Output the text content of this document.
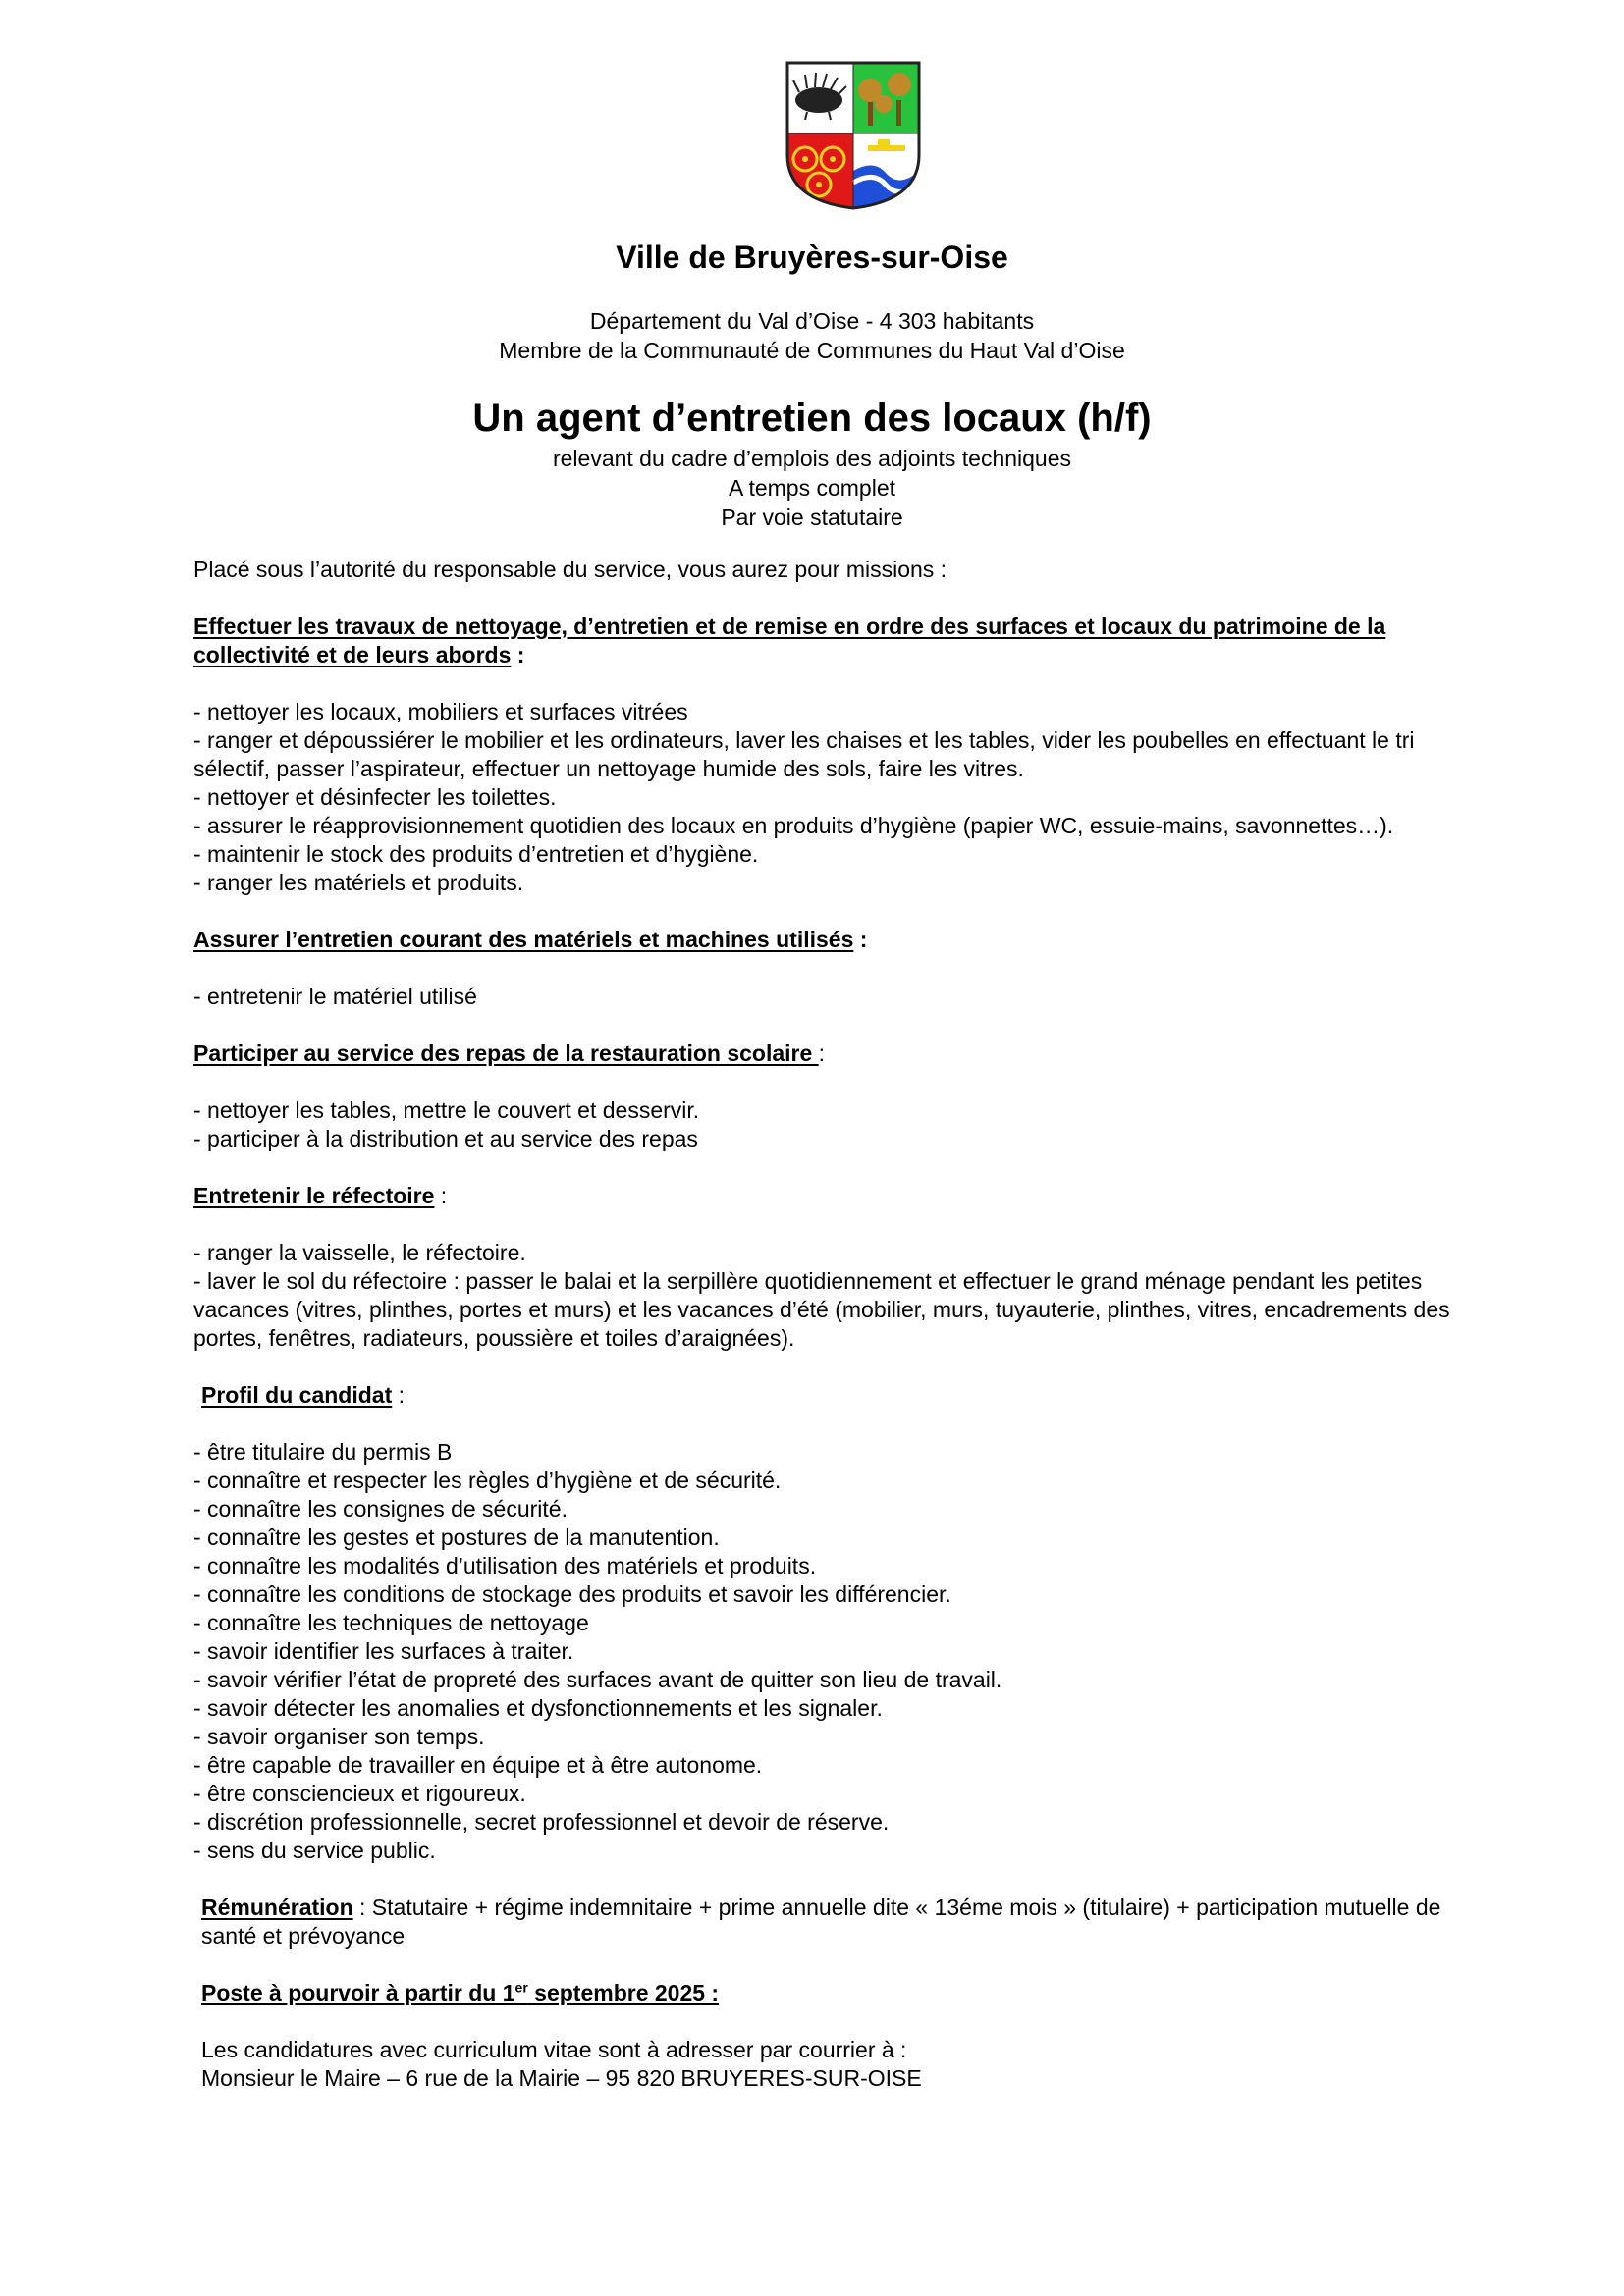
Ville de Bruyères-sur-Oise
Département du Val d’Oise - 4 303 habitants
Membre de la Communauté de Communes du Haut Val d’Oise
Un agent d’entretien des locaux (h/f)
relevant du cadre d’emplois des adjoints techniques
A temps complet
Par voie statutaire

Placé sous l’autorité du responsable du service, vous aurez pour missions :

Effectuer les travaux de nettoyage, d’entretien et de remise en ordre des surfaces et locaux du patrimoine de la collectivité et de leurs abords :

- nettoyer les locaux, mobiliers et surfaces vitrées

- ranger et dépoussiérer le mobilier et les ordinateurs, laver les chaises et les tables, vider les poubelles en effectuant le tri sélectif, passer l’aspirateur, effectuer un nettoyage humide des sols, faire les vitres.

- nettoyer et désinfecter les toilettes.

- assurer le réapprovisionnement quotidien des locaux en produits d’hygiène (papier WC, essuie-mains, savonnettes…).

- maintenir le stock des produits d’entretien et d’hygiène.

- ranger les matériels et produits.

Assurer l’entretien courant des matériels et machines utilisés :

- entretenir le matériel utilisé

Participer au service des repas de la restauration scolaire :

- nettoyer les tables, mettre le couvert et desservir.

- participer à la distribution et au service des repas

Entretenir le réfectoire :

- ranger la vaisselle, le réfectoire.

- laver le sol du réfectoire : passer le balai et la serpillère quotidiennement et effectuer le grand ménage pendant les petites vacances (vitres, plinthes, portes et murs) et les vacances d’été (mobilier, murs, tuyauterie, plinthes, vitres, encadrements des portes, fenêtres, radiateurs, poussière et toiles d’araignées).

Profil du candidat :

- être titulaire du permis B

- connaître et respecter les règles d’hygiène et de sécurité.

- connaître les consignes de sécurité.

- connaître les gestes et postures de la manutention.

- connaître les modalités d’utilisation des matériels et produits.

- connaître les conditions de stockage des produits et savoir les différencier.

- connaître les techniques de nettoyage

- savoir identifier les surfaces à traiter.

- savoir vérifier l’état de propreté des surfaces avant de quitter son lieu de travail.

- savoir détecter les anomalies et dysfonctionnements et les signaler.

- savoir organiser son temps.

- être capable de travailler en équipe et à être autonome.

- être consciencieux et rigoureux.

- discrétion professionnelle, secret professionnel et devoir de réserve.

- sens du service public.

Rémunération : Statutaire + régime indemnitaire + prime annuelle dite « 13éme mois » (titulaire) + participation mutuelle de santé et prévoyance

Poste à pourvoir à partir du 1er septembre 2025 :

Les candidatures avec curriculum vitae sont à adresser par courrier à :

Monsieur le Maire – 6 rue de la Mairie – 95 820 BRUYERES-SUR-OISE
